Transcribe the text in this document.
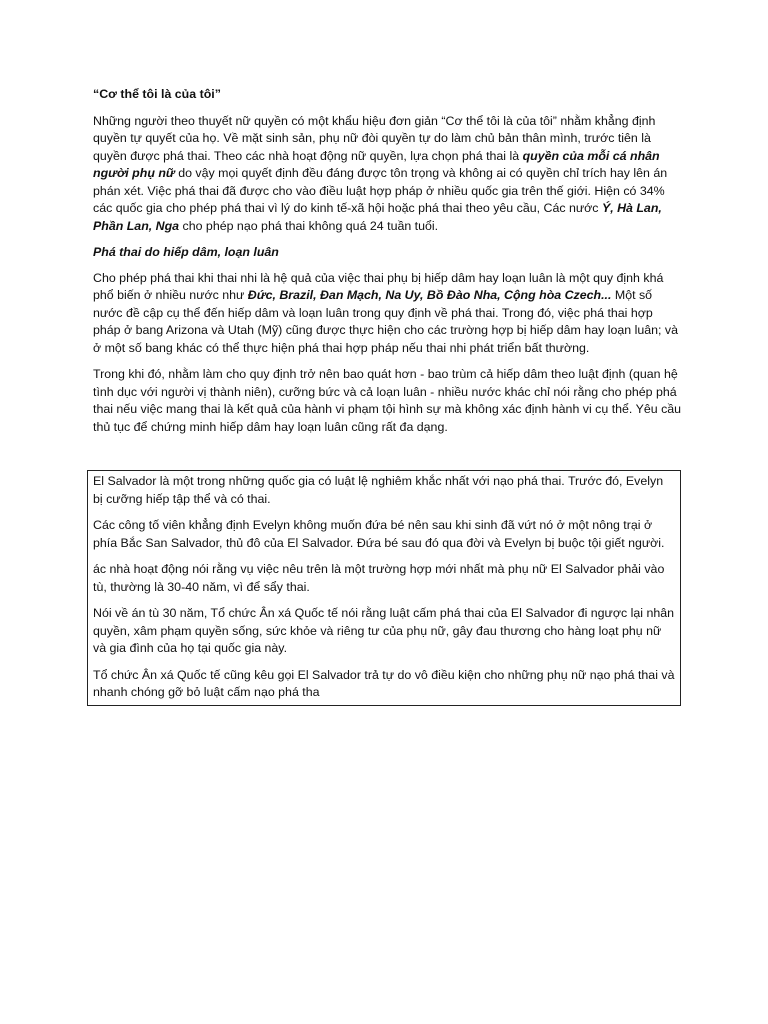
“Cơ thể tôi là của tôi”

Những người theo thuyết nữ quyền có một khẩu hiệu đơn giản “Cơ thể tôi là của tôi” nhằm khẳng định quyền tự quyết của họ. Về mặt sinh sản, phụ nữ đòi quyền tự do làm chủ bản thân mình, trước tiên là quyền được phá thai. Theo các nhà hoạt động nữ quyền, lựa chọn phá thai là quyền của mỗi cá nhân người phụ nữ do vậy mọi quyết định đều đáng được tôn trọng và không ai có quyền chỉ trích hay lên án phán xét. Việc phá thai đã được cho vào điều luật hợp pháp ở nhiều quốc gia trên thế giới. Hiện có 34% các quốc gia cho phép phá thai vì lý do kinh tế-xã hội hoặc phá thai theo yêu cầu, Các nước Ý, Hà Lan, Phần Lan, Nga cho phép nạo phá thai không quá 24 tuần tuổi.

Phá thai do hiếp dâm, loạn luân

Cho phép phá thai khi thai nhi là hệ quả của việc thai phụ bị hiếp dâm hay loạn luân là một quy định khá phổ biến ở nhiều nước như Đức, Brazil, Đan Mạch, Na Uy, Bồ Đào Nha, Cộng hòa Czech... Một số nước đề cập cụ thể đến hiếp dâm và loạn luân trong quy định về phá thai. Trong đó, việc phá thai hợp pháp ở bang Arizona và Utah (Mỹ) cũng được thực hiện cho các trường hợp bị hiếp dâm hay loạn luân; và ở một số bang khác có thể thực hiện phá thai hợp pháp nếu thai nhi phát triển bất thường.

Trong khi đó, nhằm làm cho quy định trở nên bao quát hơn - bao trùm cả hiếp dâm theo luật định (quan hệ tình dục với người vị thành niên), cưỡng bức và cả loạn luân - nhiều nước khác chỉ nói rằng cho phép phá thai nếu việc mang thai là kết quả của hành vi phạm tội hình sự mà không xác định hành vi cụ thể. Yêu cầu thủ tục để chứng minh hiếp dâm hay loạn luân cũng rất đa dạng.

El Salvador là một trong những quốc gia có luật lệ nghiêm khắc nhất với nạo phá thai. Trước đó, Evelyn bị cưỡng hiếp tập thể và có thai.

Các công tố viên khẳng định Evelyn không muốn đứa bé nên sau khi sinh đã vứt nó ở một nông trại ở phía Bắc San Salvador, thủ đô của El Salvador. Đứa bé sau đó qua đời và Evelyn bị buộc tội giết người.

ác nhà hoạt động nói rằng vụ việc nêu trên là một trường hợp mới nhất mà phụ nữ El Salvador phải vào tù, thường là 30-40 năm, vì để sẩy thai.

Nói về án tù 30 năm, Tổ chức Ân xá Quốc tế nói rằng luật cấm phá thai của El Salvador đi ngược lại nhân quyền, xâm phạm quyền sống, sức khỏe và riêng tư của phụ nữ, gây đau thương cho hàng loạt phụ nữ và gia đình của họ tại quốc gia này.

Tổ chức Ân xá Quốc tế cũng kêu gọi El Salvador trả tự do vô điều kiện cho những phụ nữ nạo phá thai và nhanh chóng gỡ bỏ luật cấm nạo phá tha
